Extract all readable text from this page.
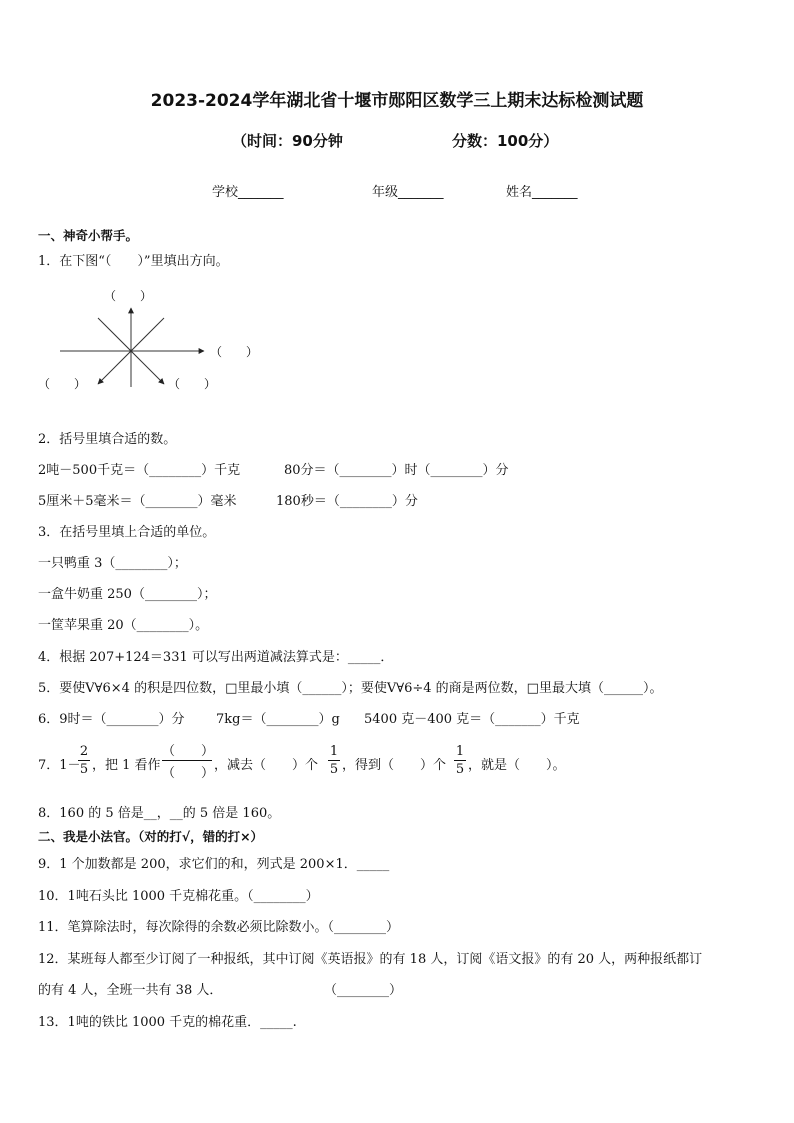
2023-2024学年湖北省十堰市郧阳区数学三上期末达标检测试题
（时间：90分钟	分数：100分）
学校_______	年级_______	姓名_______
一、神奇小帮手。
1．在下图“（　　）”里填出方向。
（　　）
（　　）
（　　）	（　　）
2．括号里填合适的数。
2吨－500千克＝（________）千克	80分＝（________）时（________）分
5厘米＋5毫米＝（________）毫米	180秒＝（________）分
3．在括号里填上合适的单位。
一只鸭重 3（________）；
一盒牛奶重 250（________）；
一筐苹果重 20（________）。
4．根据 207+124＝331 可以写出两道减法算式是：_____．
5．要使Ⅴ∀6×4 的积是四位数，□里最小填（______）；要使Ⅴ∀6÷4 的商是两位数，□里最大填（______）。
6．9时＝（________）分 7kg＝（________）g 5400 克－400 克＝（_______）千克
7．1－
2
5 ，把 1 看作
（　　）
（　　）
，减去（　　）个
1
5 ，得到（　　）个
1
5 ，就是（　　）。
8．160 的 5 倍是__，__的 5 倍是 160。
二、我是小法官。（对的打√，错的打×）
9．1 个加数都是 200，求它们的和，列式是 200×1．_____
10．1吨石头比 1000 千克棉花重。（________）
11．笔算除法时，每次除得的余数必须比除数小。（________）
12．某班每人都至少订阅了一种报纸，其中订阅《英语报》的有 18 人，订阅《语文报》的有 20 人，两种报纸都订
的有 4 人，全班一共有 38 人．	（________）
13．1吨的铁比 1000 千克的棉花重．_____.
